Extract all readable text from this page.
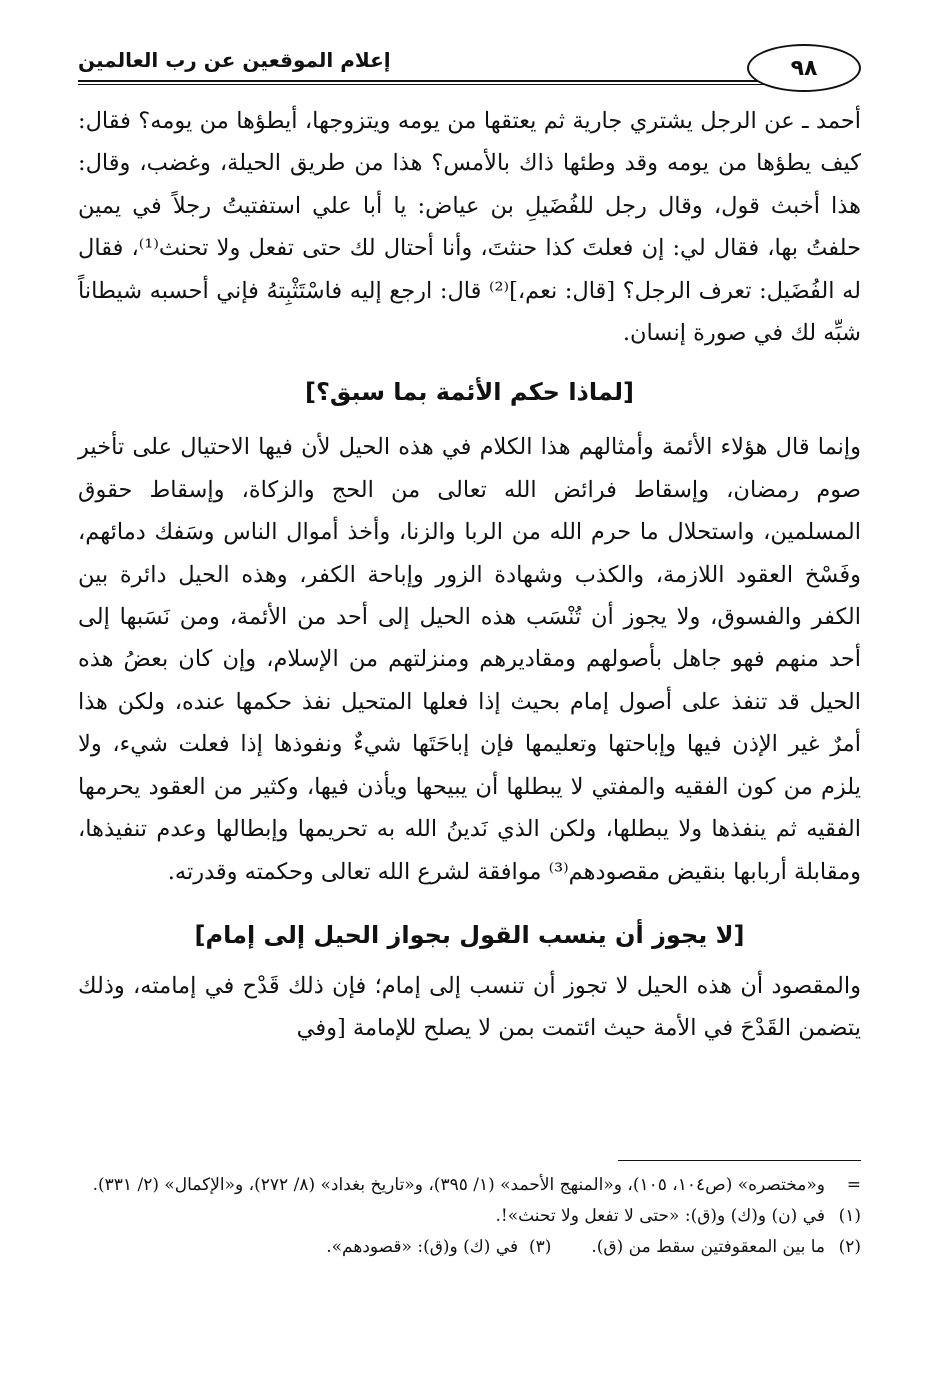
إعلام الموقعين عن رب العالمين	٩٨

أحمد ـ عن الرجل يشتري جارية ثم يعتقها من يومه ويتزوجها، أيطؤها من يومه؟ فقال: كيف يطؤها من يومه وقد وطئها ذاك بالأمس؟ هذا من طريق الحيلة، وغضب، وقال: هذا أخبث قول، وقال رجل للفُضَيلِ بن عياض: يا أبا علي استفتيتُ رجلاً في يمين حلفتُ بها، فقال لي: إن فعلتَ كذا حنثتَ، وأنا أحتال لك حتى تفعل ولا تحنث⁽¹⁾، فقال له الفُضَيل: تعرف الرجل؟ [قال: نعم،]⁽²⁾ قال: ارجع إليه فاسْتَثْبِتهُ فإني أحسبه شيطاناً شبِّه لك في صورة إنسان.

[لماذا حكم الأئمة بما سبق؟]

وإنما قال هؤلاء الأئمة وأمثالهم هذا الكلام في هذه الحيل لأن فيها الاحتيال على تأخير صوم رمضان، وإسقاط فرائض الله تعالى من الحج والزكاة، وإسقاط حقوق المسلمين، واستحلال ما حرم الله من الربا والزنا، وأخذ أموال الناس وسَفك دمائهم، وفَسْخ العقود اللازمة، والكذب وشهادة الزور وإباحة الكفر، وهذه الحيل دائرة بين الكفر والفسوق، ولا يجوز أن تُنْسَب هذه الحيل إلى أحد من الأئمة، ومن نَسَبها إلى أحد منهم فهو جاهل بأصولهم ومقاديرهم ومنزلتهم من الإسلام، وإن كان بعضُ هذه الحيل قد تنفذ على أصول إمام بحيث إذا فعلها المتحيل نفذ حكمها عنده، ولكن هذا أمرٌ غير الإذن فيها وإباحتها وتعليمها فإن إباحَتَها شيءٌ ونفوذها إذا فعلت شيء، ولا يلزم من كون الفقيه والمفتي لا يبطلها أن يبيحها ويأذن فيها، وكثير من العقود يحرمها الفقيه ثم ينفذها ولا يبطلها، ولكن الذي نَدينُ الله به تحريمها وإبطالها وعدم تنفيذها، ومقابلة أربابها بنقيض مقصودهم⁽³⁾ موافقة لشرع الله تعالى وحكمته وقدرته.

[لا يجوز أن ينسب القول بجواز الحيل إلى إمام]

والمقصود أن هذه الحيل لا تجوز أن تنسب إلى إمام؛ فإن ذلك قَدْح في إمامته، وذلك يتضمن القَدْحَ في الأمة حيث ائتمت بمن لا يصلح للإمامة [وفي

=
و«مختصره» (ص١٠٤، ١٠٥)، و«المنهج الأحمد» (١/ ٣٩٥)، و«تاريخ بغداد» (٨/ ٢٧٢)، و«الإكمال» (٢/ ٣٣١).

(١)
في (ن) و(ك) و(ق): «حتى لا تفعل ولا تحنث»!.

(٢)
ما بين المعقوفتين سقط من (ق).(٣)  في (ك) و(ق): «قصودهم».
